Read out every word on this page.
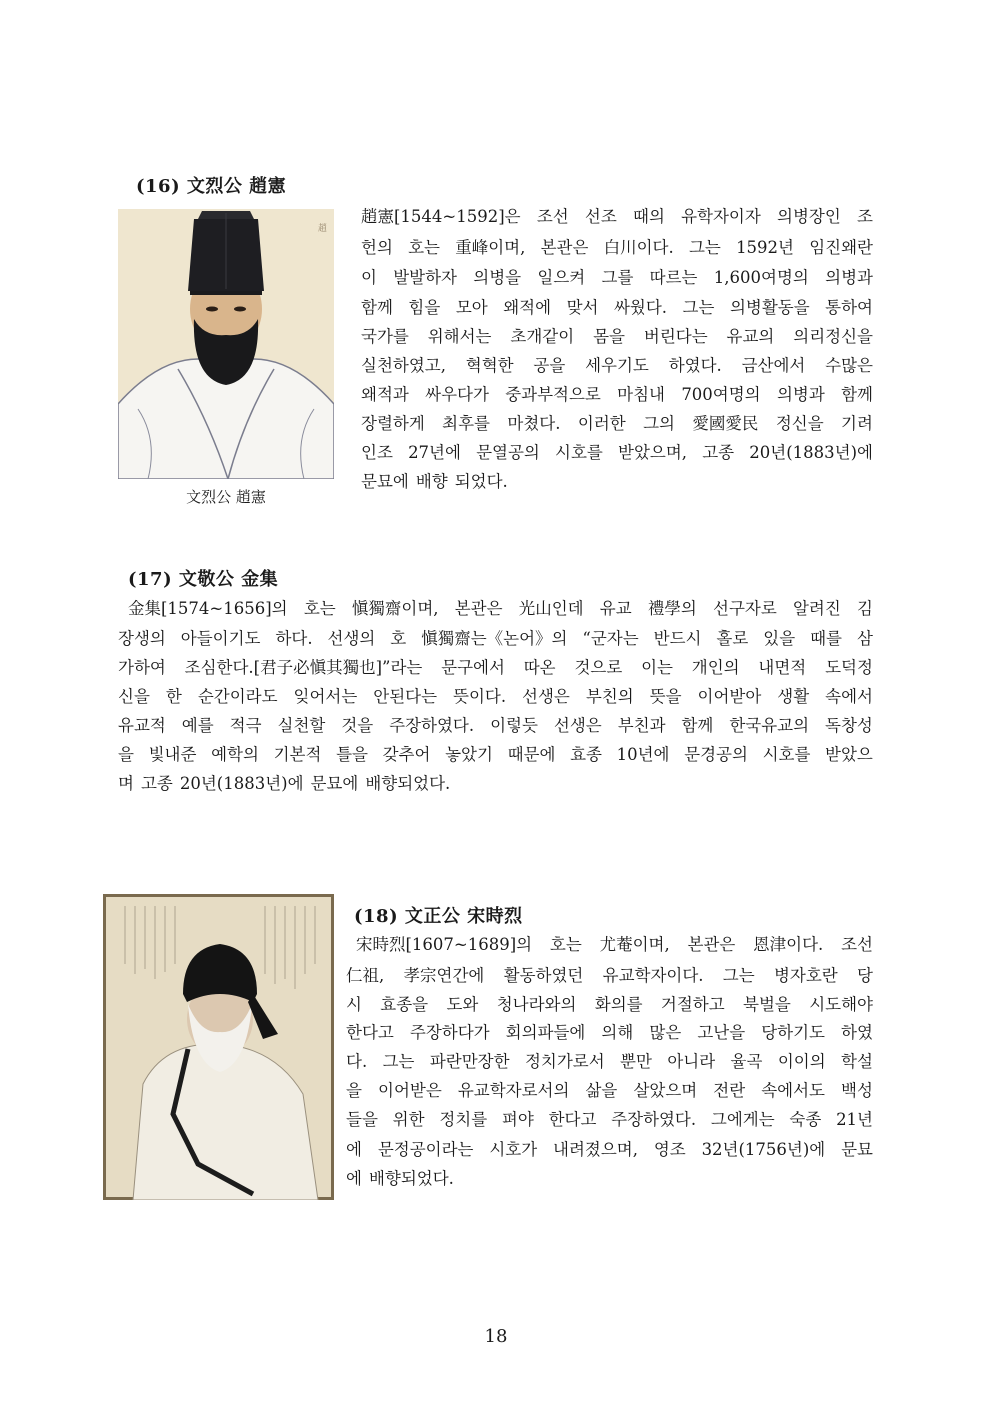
(16) 文烈公 趙憲
趙
文烈公 趙憲
趙憲[1544~1592]은 조선 선조 때의 유학자이자 의병장인 조
헌의 호는 重峰이며, 본관은 白川이다. 그는 1592년 임진왜란
이 발발하자 의병을 일으켜 그를 따르는 1,600여명의 의병과
함께 힘을 모아 왜적에 맞서 싸웠다. 그는 의병활동을 통하여
국가를 위해서는 초개같이 몸을 버린다는 유교의 의리정신을
실천하였고, 혁혁한 공을 세우기도 하였다. 금산에서 수많은
왜적과 싸우다가 중과부적으로 마침내 700여명의 의병과 함께
장렬하게 최후를 마쳤다. 이러한 그의 愛國愛民 정신을 기려
인조 27년에 문열공의 시호를 받았으며, 고종 20년(1883년)에
문묘에 배향 되었다.
(17) 文敬公 金集
金集[1574~1656]의 호는 愼獨齋이며, 본관은 光山인데 유교 禮學의 선구자로 알려진 김
장생의 아들이기도 하다. 선생의 호 愼獨齋는《논어》의 “군자는 반드시 홀로 있을 때를 삼
가하여 조심한다.[君子必愼其獨也]”라는 문구에서 따온 것으로 이는 개인의 내면적 도덕정
신을 한 순간이라도 잊어서는 안된다는 뜻이다. 선생은 부친의 뜻을 이어받아 생활 속에서
유교적 예를 적극 실천할 것을 주장하였다. 이렇듯 선생은 부친과 함께 한국유교의 독창성
을 빛내준 예학의 기본적 틀을 갖추어 놓았기 때문에 효종 10년에 문경공의 시호를 받았으
며 고종 20년(1883년)에 문묘에 배향되었다.
(18) 文正公 宋時烈
宋時烈[1607~1689]의 호는 尤菴이며, 본관은 恩津이다. 조선
仁祖, 孝宗연간에 활동하였던 유교학자이다. 그는 병자호란 당
시 효종을 도와 청나라와의 화의를 거절하고 북벌을 시도해야
한다고 주장하다가 회의파들에 의해 많은 고난을 당하기도 하였
다. 그는 파란만장한 정치가로서 뿐만 아니라 율곡 이이의 학설
을 이어받은 유교학자로서의 삶을 살았으며 전란 속에서도 백성
들을 위한 정치를 펴야 한다고 주장하였다. 그에게는 숙종 21년
에 문정공이라는 시호가 내려졌으며, 영조 32년(1756년)에 문묘
에 배향되었다.
18
